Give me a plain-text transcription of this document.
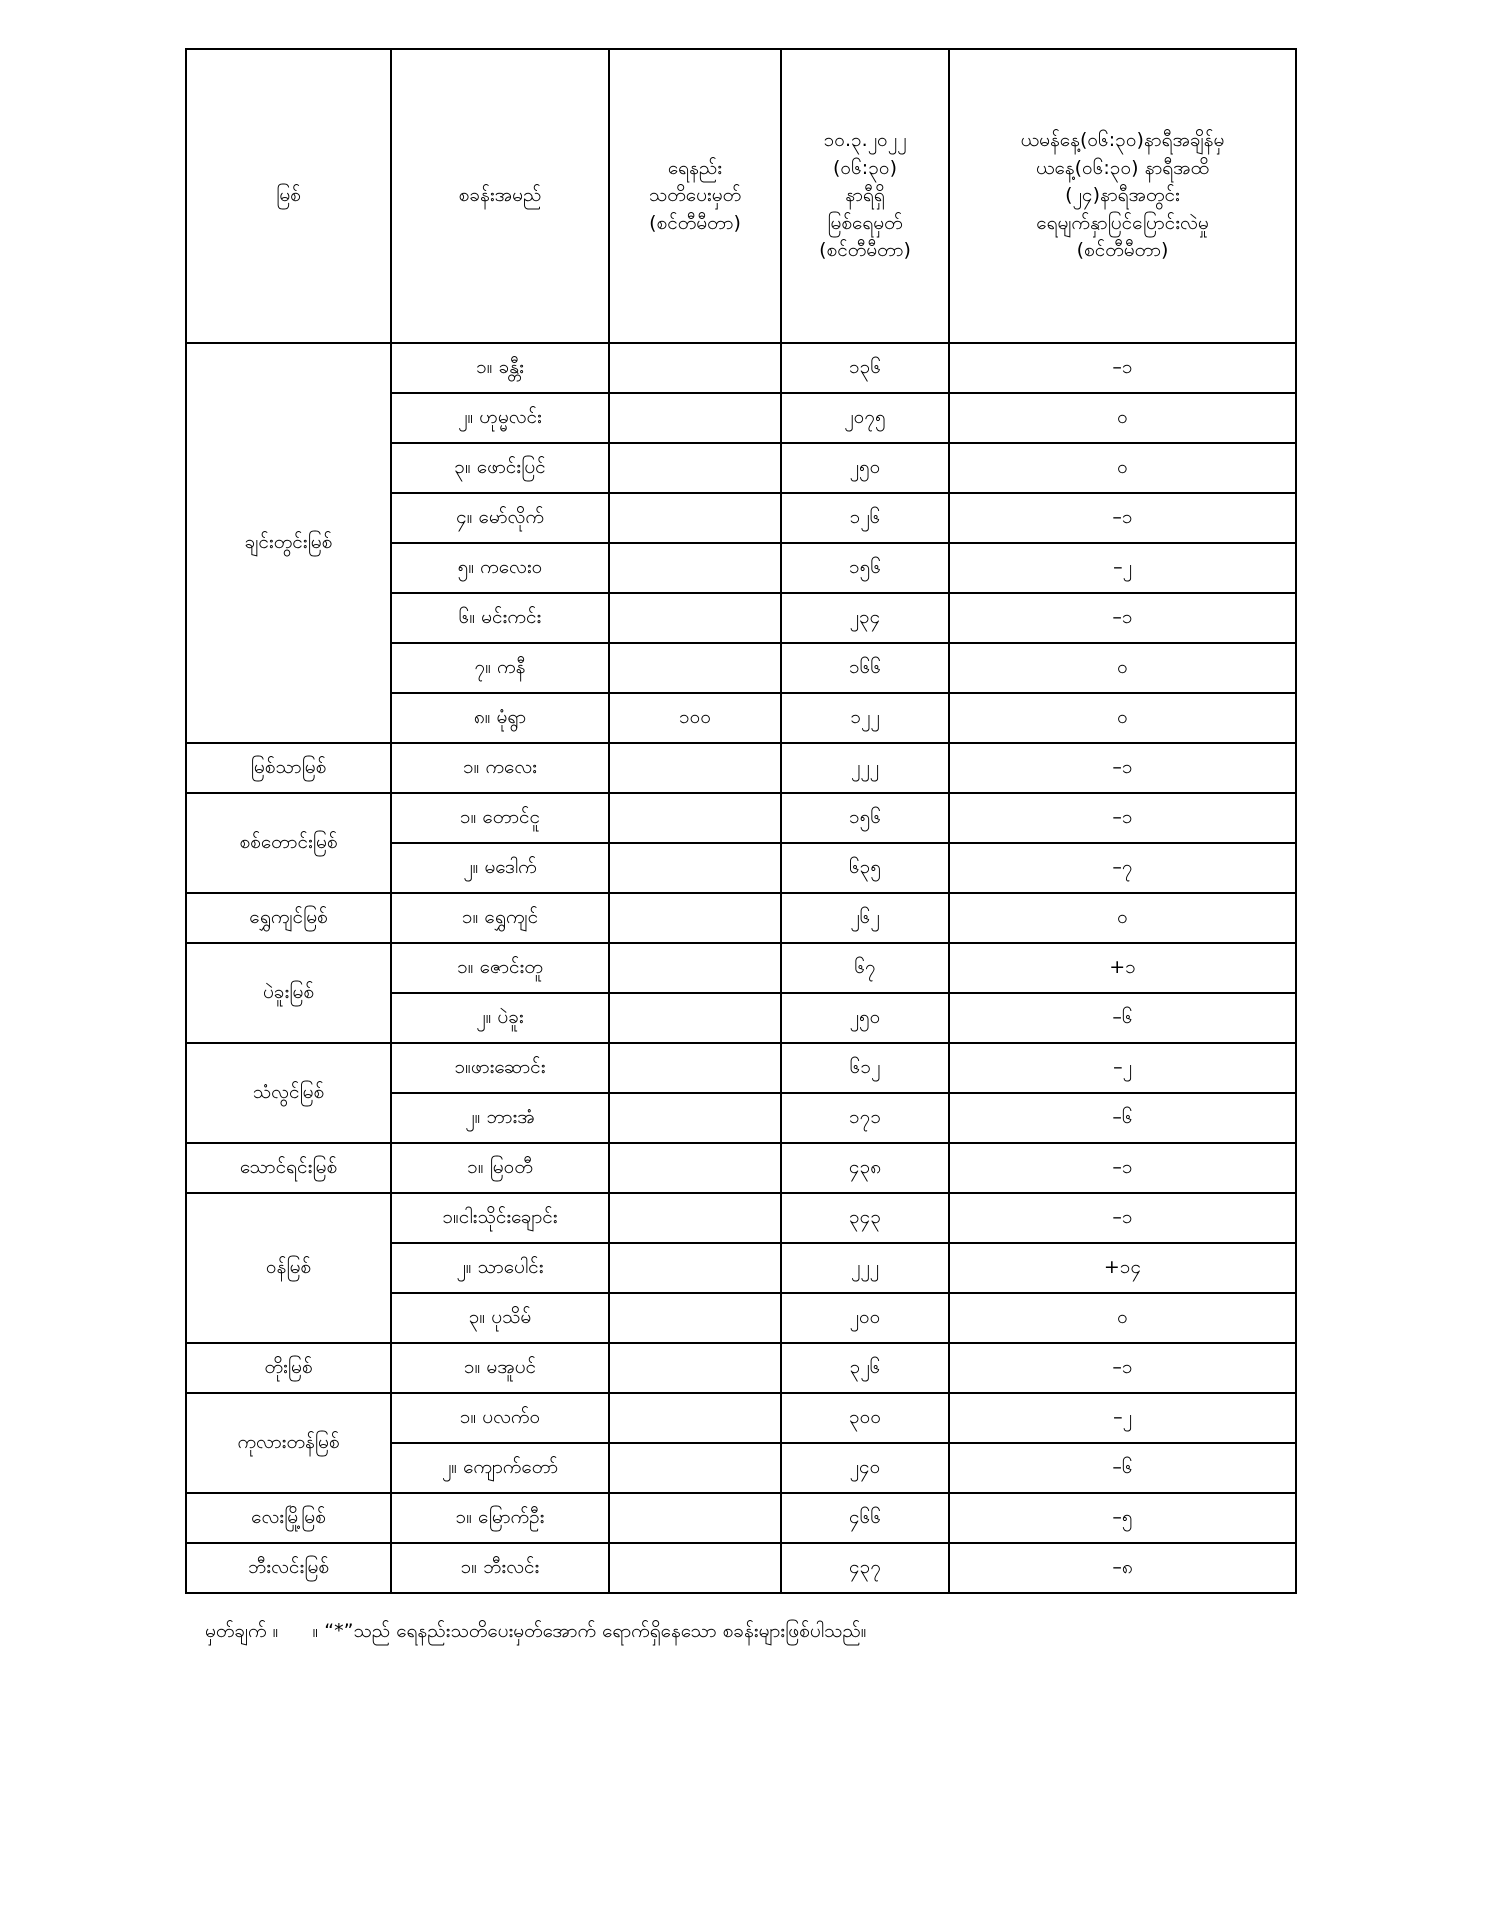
မြစ်	စခန်းအမည်	ရေနည်း
သတိပေးမှတ်
(စင်တီမီတာ)	၁၀.၃.၂၀၂၂
(၀၆:၃၀)
နာရီရှိ
မြစ်ရေမှတ်
(စင်တီမီတာ)	ယမန်နေ့(၀၆:၃၀)နာရီအချိန်မှ
ယနေ့(၀၆:၃၀) နာရီအထိ
(၂၄)နာရီအတွင်း
ရေမျက်နှာပြင်ပြောင်းလဲမှု
(စင်တီမီတာ)
ချင်းတွင်းမြစ်	၁။ ခန္တီး		၁၃၆	–၁
	၂။ ဟုမ္မလင်း		၂၀၇၅	၀
	၃။ ဖောင်းပြင်		၂၅၀	၀
	၄။ မော်လိုက်		၁၂၆	–၁
	၅။ ကလေးဝ		၁၅၆	–၂
	၆။ မင်းကင်း		၂၃၄	–၁
	၇။ ကနီ		၁၆၆	၀
	၈။ မုံရွာ	၁၀၀	၁၂၂	၀
မြစ်သာမြစ်	၁။ ကလေး		၂၂၂	–၁
စစ်တောင်းမြစ်	၁။ တောင်ငူ		၁၅၆	–၁
	၂။ မဒေါက်		၆၃၅	–၇
ရွှေကျင်မြစ်	၁။ ရွှေကျင်		၂၆၂	၀
ပဲခူးမြစ်	၁။ ဇောင်းတူ		၆၇	+၁
	၂။ ပဲခူး		၂၅၀	–၆
သံလွင်မြစ်	၁။ဖားဆောင်း		၆၁၂	–၂
	၂။ ဘားအံ		၁၇၁	–၆
သောင်ရင်းမြစ်	၁။ မြဝတီ		၄၃၈	–၁
ဝန်မြစ်	၁။ငါးသိုင်းချောင်း		၃၄၃	–၁
	၂။ သာပေါင်း		၂၂၂	+၁၄
	၃။ ပုသိမ်		၂၀၀	၀
တိုးမြစ်	၁။ မအူပင်		၃၂၆	–၁
ကုလားတန်မြစ်	၁။ ပလက်ဝ		၃၀၀	–၂
	၂။ ကျောက်တော်		၂၄၀	–၆
လေးမြို့မြစ်	၁။ မြောက်ဦး		၄၆၆	–၅
ဘီးလင်းမြစ်	၁။ ဘီးလင်း		၄၃၇	–၈
မှတ်ချက် ။ ။ “*”သည် ရေနည်းသတိပေးမှတ်အောက် ရောက်ရှိနေသော စခန်းများဖြစ်ပါသည်။
